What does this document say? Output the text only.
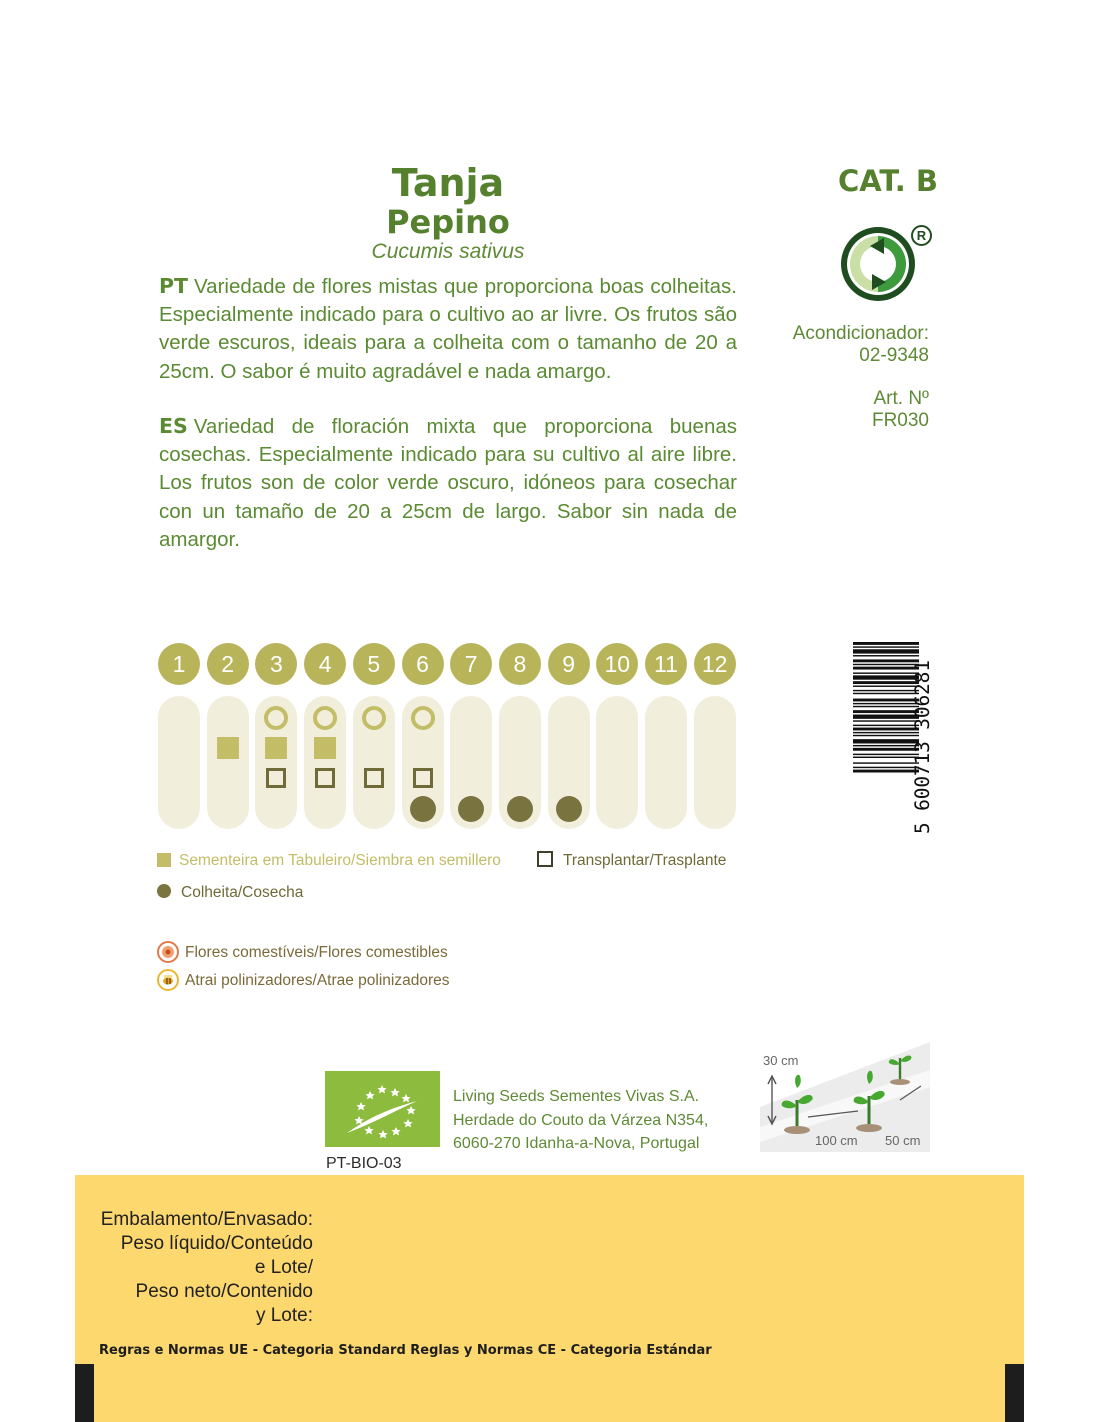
Tanja
Pepino
Cucumis sativus
PT Variedade de flores mistas que proporciona boas colheitas. Especialmente indicado para o cultivo ao ar livre. Os frutos são verde escuros, ideais para a colheita com o tamanho de 20 a 25cm. O sabor é muito agradável e nada amargo.
ES Variedad de floración mixta que proporciona buenas cosechas. Especialmente indicado para su cultivo al aire libre. Los frutos son de color verde oscuro, idóneos para cosechar con un tamaño de 20 a 25cm de largo. Sabor sin nada de amargor.
CAT. B
R
Acondicionador:
02-9348
Art. Nº
FR030
1	2	3	4	5	6	7	8	9	10	11	12
5 600713 306281
Sementeira em Tabuleiro/Siembra en semillero	Transplantar/Trasplante
Colheita/Cosecha
Flores comestíveis/Flores comestibles
Atrai polinizadores/Atrae polinizadores
PT-BIO-03
Living Seeds Sementes Vivas S.A.
Herdade do Couto da Várzea N354,
6060-270 Idanha-a-Nova, Portugal
30 cm
100 cm 50 cm
Embalamento/Envasado:
Peso líquido/Conteúdo
e Lote/
Peso neto/Contenido
y Lote:
Regras e Normas UE - Categoria Standard Reglas y Normas CE - Categoria Estándar
